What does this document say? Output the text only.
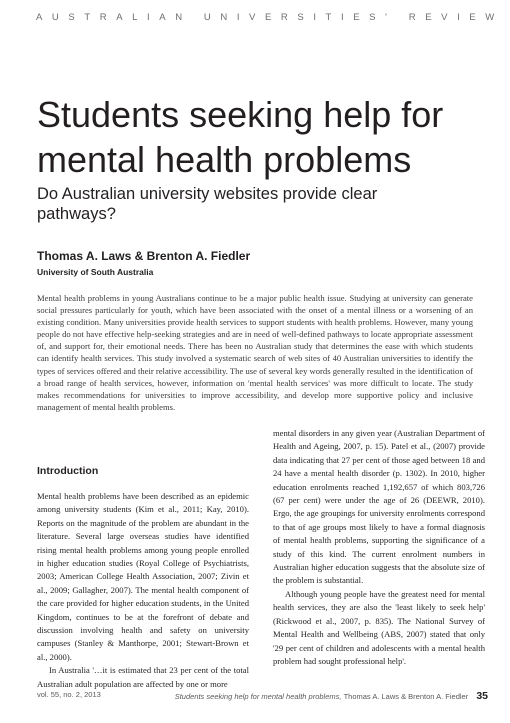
AUSTRALIAN UNIVERSITIES' REVIEW
Students seeking help for mental health problems
Do Australian university websites provide clear pathways?
Thomas A. Laws & Brenton A. Fiedler
University of South Australia
Mental health problems in young Australians continue to be a major public health issue. Studying at university can generate social pressures particularly for youth, which have been associated with the onset of a mental illness or a worsening of an existing condition. Many universities provide health services to support students with health problems. However, many young people do not have effective help-seeking strategies and are in need of well-defined pathways to locate appropriate assessment of, and support for, their emotional needs. There has been no Australian study that determines the ease with which students can identify health services. This study involved a systematic search of web sites of 40 Australian universities to identify the types of services offered and their relative accessibility. The use of several key words generally resulted in the identification of a broad range of health services, however, information on 'mental health services' was more difficult to locate. The study makes recommendations for universities to improve accessibility, and develop more supportive policy and inclusive management of mental health problems.
Introduction

Mental health problems have been described as an epidemic among university students (Kim et al., 2011; Kay, 2010). Reports on the magnitude of the problem are abundant in the literature. Several large overseas studies have identified rising mental health problems among young people enrolled in higher education studies (Royal College of Psychiatrists, 2003; American College Health Association, 2007; Zivin et al., 2009; Gallagher, 2007). The mental health component of the care provided for higher education students, in the United Kingdom, continues to be at the forefront of debate and discussion involving health and safety on university campuses (Stanley & Manthorpe, 2001; Stewart-Brown et al., 2000).

In Australia '…it is estimated that 23 per cent of the total Australian adult population are affected by one or more

mental disorders in any given year (Australian Department of Health and Ageing, 2007, p. 15). Patel et al., (2007) provide data indicating that 27 per cent of those aged between 18 and 24 have a mental health disorder (p. 1302). In 2010, higher education enrolments reached 1,192,657 of which 803,726 (67 per cent) were under the age of 26 (DEEWR, 2010). Ergo, the age groupings for university enrolments correspond to that of age groups most likely to have a formal diagnosis of mental health problems, supporting the significance of a study of this kind. The current enrolment numbers in Australian higher education suggests that the absolute size of the problem is substantial.

Although young people have the greatest need for mental health services, they are also the 'least likely to seek help' (Rickwood et al., 2007, p. 835). The National Survey of Mental Health and Wellbeing (ABS, 2007) stated that only '29 per cent of children and adolescents with a mental health problem had sought professional help'.

vol. 55, no. 2, 2013	Students seeking help for mental health problems, Thomas A. Laws & Brenton A. Fiedler 35
